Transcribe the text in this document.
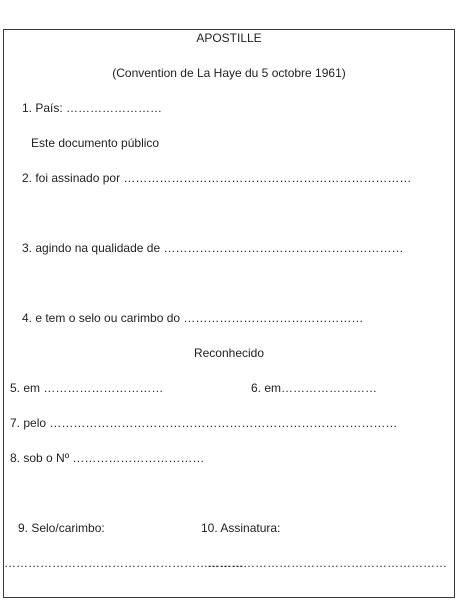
APOSTILLE
(Convention de La Haye du 5 octobre 1961)
1. País: ……………………
Este documento público
2. foi assinado por ………………………………………………………………
3. agindo na qualidade de ……………………………………………………
4. e tem o selo ou carimbo do ………………………………………
Reconhecido
5. em …………………………	6. em……………………
7. pelo ……………………………………………………………………………
8. sob o Nº ……………………………
9. Selo/carimbo:	10. Assinatura:
……………………………………………………
……………………………………………………
